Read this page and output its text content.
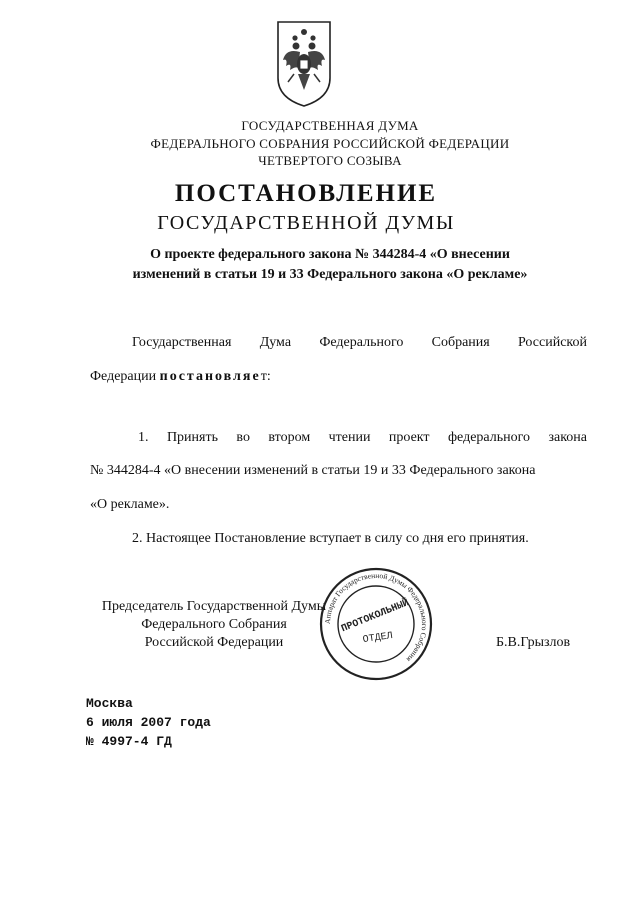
ГОСУДАРСТВЕННАЯ ДУМА
ФЕДЕРАЛЬНОГО СОБРАНИЯ РОССИЙСКОЙ ФЕДЕРАЦИИ
ЧЕТВЕРТОГО СОЗЫВА
ПОСТАНОВЛЕНИЕ
ГОСУДАРСТВЕННОЙ ДУМЫ
О проекте федерального закона № 344284-4 «О внесении
изменений в статьи 19 и 33 Федерального закона «О рекламе»
Государственная Дума Федерального Собрания Российской
Федерации постановляет:
1. Принять во втором чтении проект федерального закона
№ 344284-4 «О внесении изменений в статьи 19 и 33 Федерального закона
«О рекламе».
2. Настоящее Постановление вступает в силу со дня его принятия.
Председатель Государственной Думы
Федерального Собрания
Российской Федерации	Б.В.Грызлов
Аппарат Государственной Думы Федерального Собрания
ПРОТОКОЛЬНЫЙ
ОТДЕЛ
Москва
6 июля 2007 года
№ 4997-4 ГД
